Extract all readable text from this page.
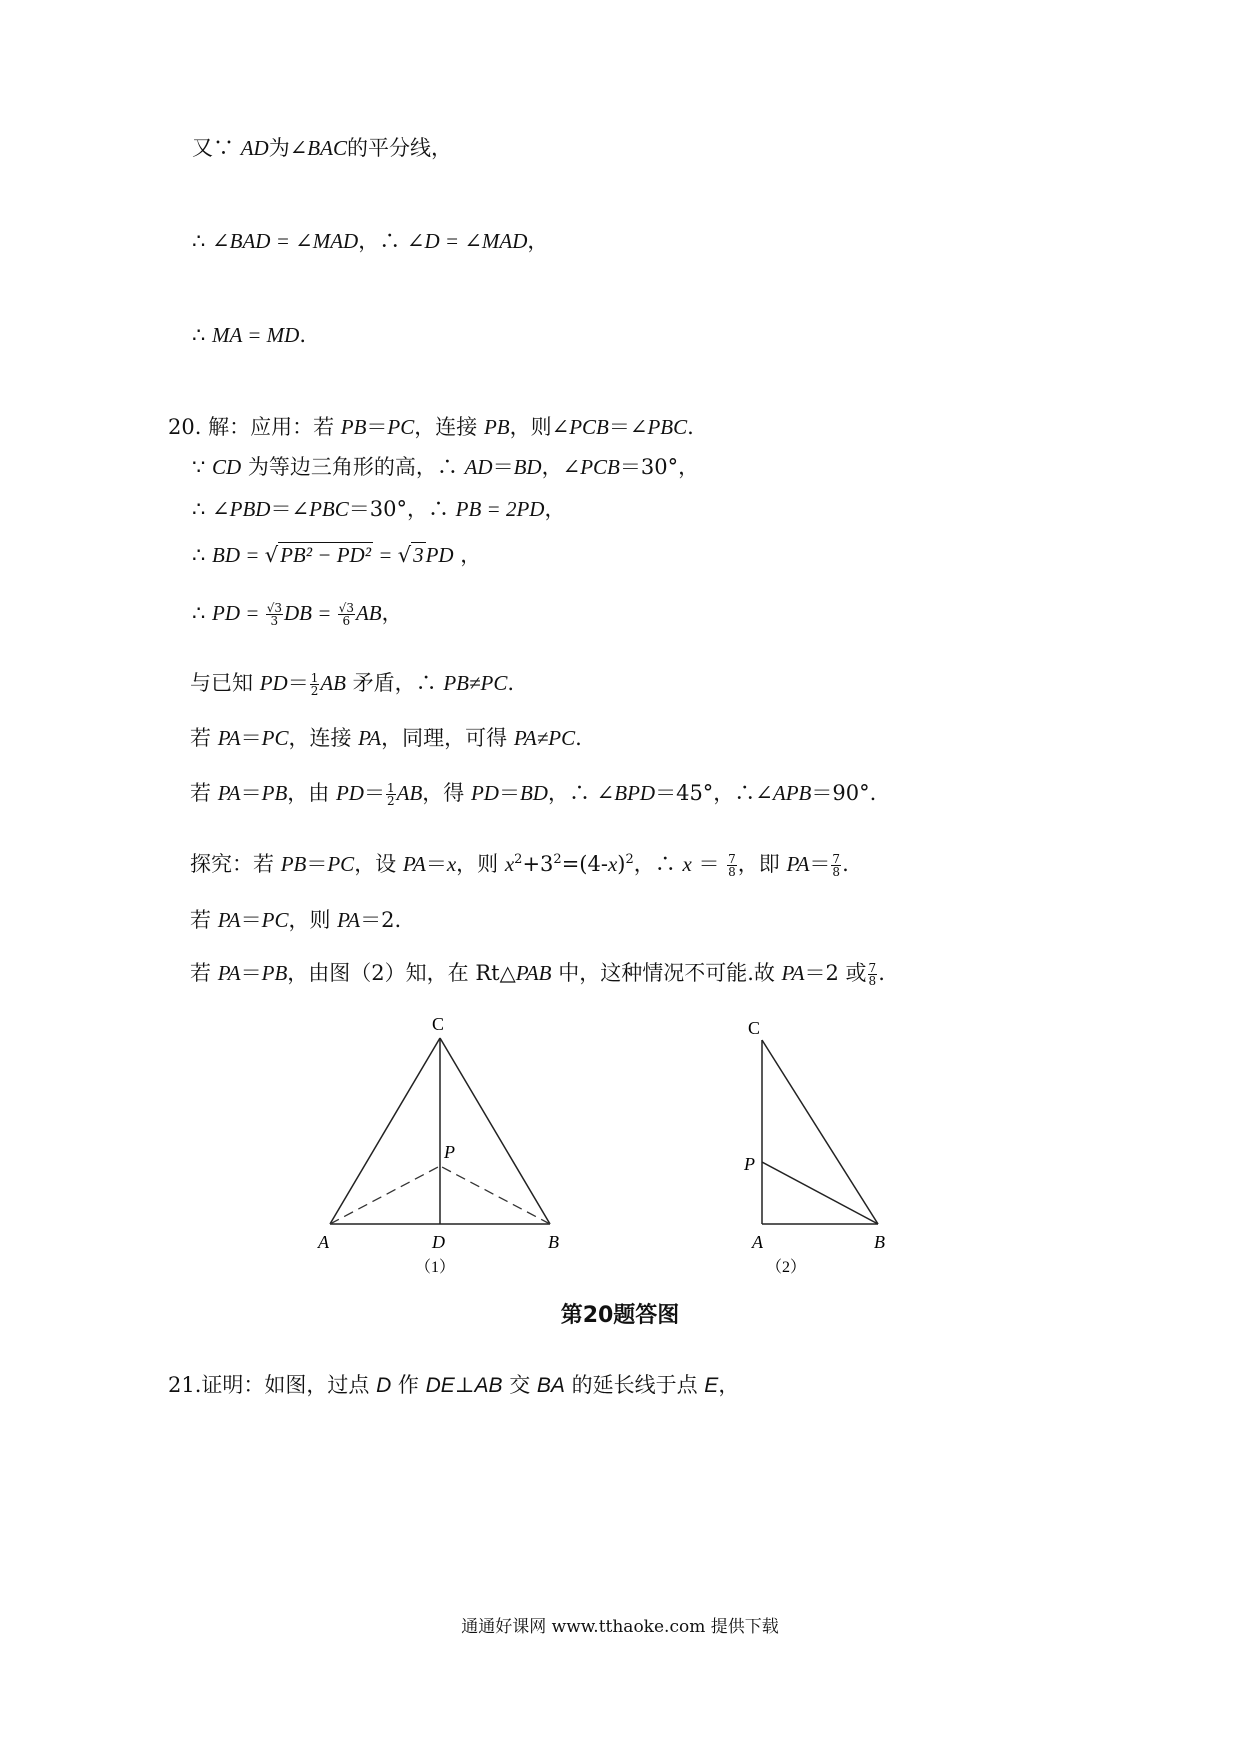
又∵ AD为∠BAC的平分线，
∴ ∠BAD = ∠MAD，∴ ∠D = ∠MAD，
∴ MA = MD.
20. 解：应用：若 PB＝PC，连接 PB，则∠PCB＝∠PBC.
∵ CD 为等边三角形的高，∴ AD＝BD，∠PCB＝30°，
∴ ∠PBD＝∠PBC＝30°，∴ PB = 2PD，
∴ BD = √PB² − PD² = √3PD ，
∴ PD = $\frac{√3}{3}$ DB = $\frac{√3}{6}$ AB，
与已知 $PD= \frac{1}{2}$ AB 矛盾，∴ PB≠PC.
若 PA＝PC，连接 PA，同理，可得 PA≠PC.
若 PA＝PB，由 $PD= \frac{1}{2}$ AB，得 PD＝BD，∴ ∠BPD＝45°，∴∠APB＝90°.
探究：若 PB＝PC，设 PA＝x，则 $x^2+3^2=(4-x)^2$，∴ $x = \frac{7}{8}$ ，即 $PA= \frac{7}{8}$ .
若 PA＝PC，则 PA＝2.
若 PA＝PB，由图（2）知，在 Rt△PAB 中，这种情况不可能.故 PA＝2 或 $\frac{7}{8}$ .
C
P
A	D	B
（1）
C
P
A	B
（2）
第20题答图
21.证明：如图，过点 D 作 DE⊥AB 交 BA 的延长线于点 E，
通通好课网 www.tthaoke.com 提供下载
